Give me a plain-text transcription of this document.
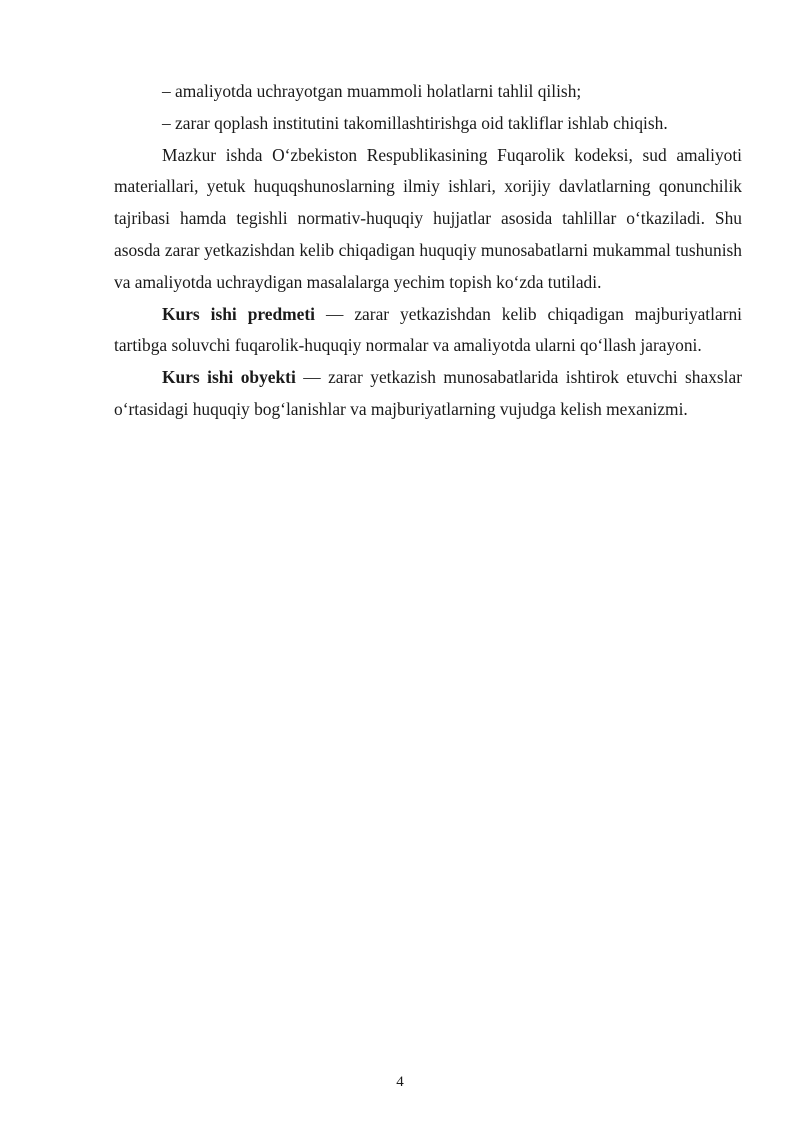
– amaliyotda uchrayotgan muammoli holatlarni tahlil qilish;

– zarar qoplash institutini takomillashtirishga oid takliflar ishlab chiqish.

Mazkur ishda O‘zbekiston Respublikasining Fuqarolik kodeksi, sud amaliyoti materiallari, yetuk huquqshunoslarning ilmiy ishlari, xorijiy davlatlarning qonunchilik tajribasi hamda tegishli normativ-huquqiy hujjatlar asosida tahlillar o‘tkaziladi. Shu asosda zarar yetkazishdan kelib chiqadigan huquqiy munosabatlarni mukammal tushunish va amaliyotda uchraydigan masalalarga yechim topish ko‘zda tutiladi.

Kurs ishi predmeti — zarar yetkazishdan kelib chiqadigan majburiyatlarni tartibga soluvchi fuqarolik-huquqiy normalar va amaliyotda ularni qo‘llash jarayoni.

Kurs ishi obyekti — zarar yetkazish munosabatlarida ishtirok etuvchi shaxslar o‘rtasidagi huquqiy bog‘lanishlar va majburiyatlarning vujudga kelish mexanizmi.

4
